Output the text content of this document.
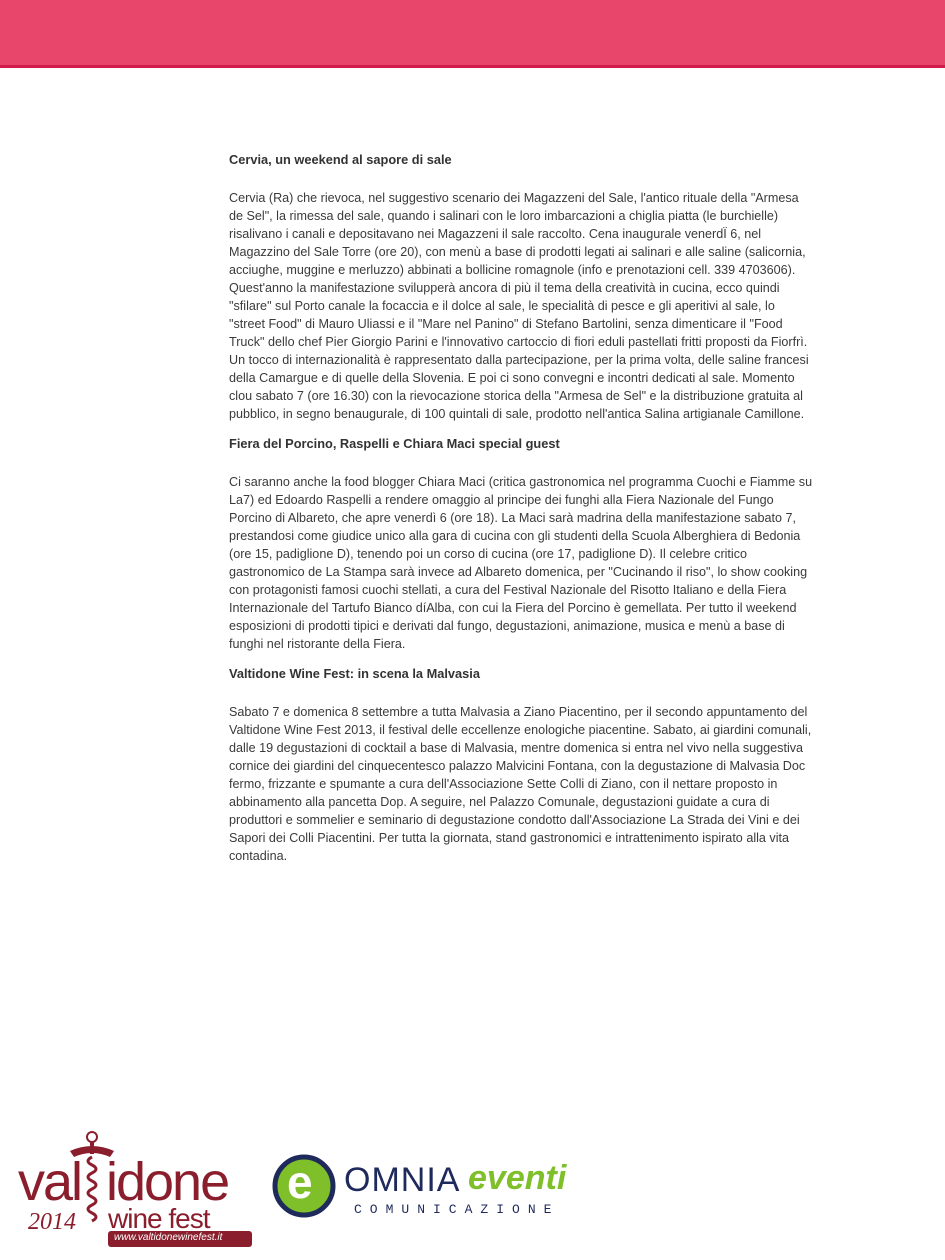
Cervia, un weekend al sapore di sale

Cervia (Ra) che rievoca, nel suggestivo scenario dei Magazzeni del Sale, l'antico rituale della "Armesa de Sel", la rimessa del sale, quando i salinari con le loro imbarcazioni a chiglia piatta (le burchielle) risalivano i canali e depositavano nei Magazzeni il sale raccolto. Cena inaugurale venerdÏ 6, nel Magazzino del Sale Torre (ore 20), con menù a base di prodotti legati ai salinari e alle saline (salicornia, acciughe, muggine e merluzzo) abbinati a bollicine romagnole (info e prenotazioni cell. 339 4703606). Quest'anno la manifestazione svilupperà ancora di più il tema della creatività in cucina, ecco quindi "sfilare" sul Porto canale la focaccia e il dolce al sale, le specialità di pesce e gli aperitivi al sale, lo "street Food" di Mauro Uliassi e il "Mare nel Panino" di Stefano Bartolini, senza dimenticare il "Food Truck" dello chef Pier Giorgio Parini e l'innovativo cartoccio di fiori eduli pastellati fritti proposti da Fiorfrì. Un tocco di internazionalità è rappresentato dalla partecipazione, per la prima volta, delle saline francesi della Camargue e di quelle della Slovenia. E poi ci sono convegni e incontri dedicati al sale. Momento clou sabato 7 (ore 16.30) con la rievocazione storica della "Armesa de Sel" e la distribuzione gratuita al pubblico, in segno benaugurale, di 100 quintali di sale, prodotto nell'antica Salina artigianale Camillone.

Fiera del Porcino, Raspelli e Chiara Maci special guest

Ci saranno anche la food blogger Chiara Maci (critica gastronomica nel programma Cuochi e Fiamme su La7) ed Edoardo Raspelli a rendere omaggio al principe dei funghi alla Fiera Nazionale del Fungo Porcino di Albareto, che apre venerdì 6 (ore 18). La Maci sarà madrina della manifestazione sabato 7, prestandosi come giudice unico alla gara di cucina con gli studenti della Scuola Alberghiera di Bedonia (ore 15, padiglione D), tenendo poi un corso di cucina (ore 17, padiglione D). Il celebre critico gastronomico de La Stampa sarà invece ad Albareto domenica, per "Cucinando il riso", lo show cooking con protagonisti famosi cuochi stellati, a cura del Festival Nazionale del Risotto Italiano e della Fiera Internazionale del Tartufo Bianco díAlba, con cui la Fiera del Porcino è gemellata. Per tutto il weekend esposizioni di prodotti tipici e derivati dal fungo, degustazioni, animazione, musica e menù a base di funghi nel ristorante della Fiera.

Valtidone Wine Fest: in scena la Malvasia

Sabato 7 e domenica 8 settembre a tutta Malvasia a Ziano Piacentino, per il secondo appuntamento del Valtidone Wine Fest 2013, il festival delle eccellenze enologiche piacentine. Sabato, ai giardini comunali, dalle 19 degustazioni di cocktail a base di Malvasia, mentre domenica si entra nel vivo nella suggestiva cornice dei giardini del cinquecentesco palazzo Malvicini Fontana, con la degustazione di Malvasia Doc fermo, frizzante e spumante a cura dell'Associazione Sette Colli di Ziano, con il nettare proposto in abbinamento alla pancetta Dop. A seguire, nel Palazzo Comunale, degustazioni guidate a cura di produttori e sommelier e seminario di degustazione condotto dall'Associazione La Strada dei Vini e dei Sapori dei Colli Piacentini. Per tutta la giornata, stand gastronomici e intrattenimento ispirato alla vita contadina.

val idone
2014 wine fest
www.valtidonewinefest.it
e OMNIA eventi
COMUNICAZIONE
